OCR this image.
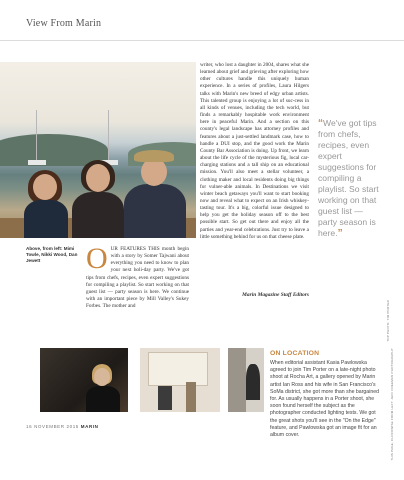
View From Marin
Above, from left: Mimi Towle, Nikki Wood, Dan Jewett	OUR FEATURES THIS month begin with a story by Somer Tajwani about everything you need to know to plan your next holi-day party. We've got tips from chefs, recipes, even expert suggestions for compiling a playlist. So start working on that guest list — party season is here. We continue with an important piece by Mill Valley's Sukey Forbes. The mother and
writer, who lost a daughter in 2004, shares what she learned about grief and grieving after exploring how other cultures handle this uniquely human experience. In a series of profiles, Laura Hilgers talks with Marin's new breed of edgy urban artists. This talented group is enjoying a lot of suc-cess in all kinds of venues, including the tech world, but finds a remarkably hospitable work environment here in peaceful Marin. And a section on this county's legal landscape has attorney profiles and features about a just-settled landmark case, how to handle a DUI stop, and the good work the Marin County Bar Association is doing. Up front, we learn about the life cycle of the mysterious fig, local car-charging stations and a tall ship on an educational mission. You'll also meet a stellar volunteer, a clothing maker and local residents doing big things for vulner-able animals. In Destinations we visit winter beach getaways you'll want to start booking now and reveal what to expect on an Irish whiskey-tasting tour. It's a big, colorful issue designed to help you get the holiday season off to the best possible start. So get out there and enjoy all the parties and year-end celebrations. Just try to leave a little something behind for us on that cheese plate.
Marin Magazine Staff Editors
“We've got tips from chefs, recipes, even expert suggestions for compiling a playlist. So start working on that guest list — party season is here.”
TOP PHOTO: TIM PORTER
THIS PAGE, CLOCKWISE FROM LEFT: JEFF FREEMAN PHOTOGRAPHY
ON LOCATION
When editorial assistant Kasia Pawlowska agreed to join Tim Porter on a late-night photo shoot at Rocha Art, a gallery opened by Marin artist Ian Ross and his wife in San Francisco's SoMa district, she got more than she bargained for. As usually happens in a Porter shoot, she soon found herself the subject as the photographer conducted lighting tests. We got the great shots you'll see in the "On the Edge" feature, and Pawlowska got an image fit for an album cover.
16 NOVEMBER 2015 MARIN
